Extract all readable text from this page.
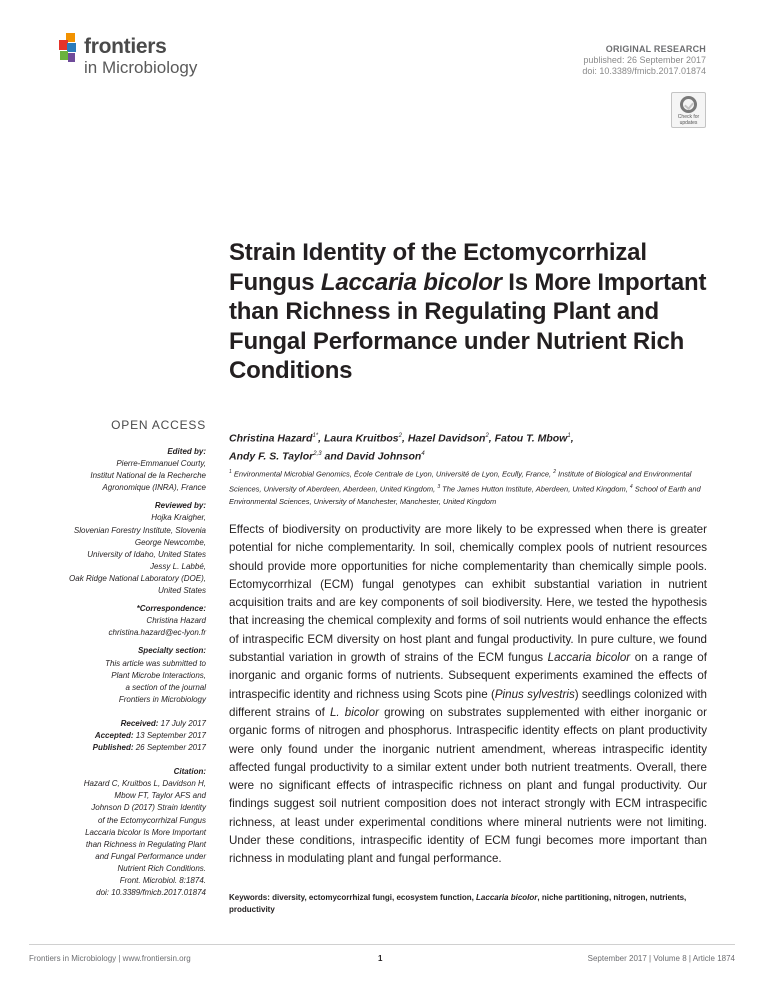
frontiers
in Microbiology
ORIGINAL RESEARCH
published: 26 September 2017
doi: 10.3389/fmicb.2017.01874
Check for
updates
Strain Identity of the Ectomycorrhizal Fungus Laccaria bicolor Is More Important than Richness in Regulating Plant and Fungal Performance under Nutrient Rich Conditions
Christina Hazard$^{1*}$, Laura Kruitbos$^2$, Hazel Davidson$^2$, Fatou T. Mbow$^1$,
Andy F. S. Taylor$^{2,3}$ and David Johnson$^4$
$^1$ Environmental Microbial Genomics, École Centrale de Lyon, Université de Lyon, Ecully, France, $^2$ Institute of Biological and Environmental Sciences, University of Aberdeen, Aberdeen, United Kingdom, $^3$ The James Hutton Institute, Aberdeen, United Kingdom, $^4$ School of Earth and Environmental Sciences, University of Manchester, Manchester, United Kingdom
Effects of biodiversity on productivity are more likely to be expressed when there is greater potential for niche complementarity. In soil, chemically complex pools of nutrient resources should provide more opportunities for niche complementarity than chemically simple pools. Ectomycorrhizal (ECM) fungal genotypes can exhibit substantial variation in nutrient acquisition traits and are key components of soil biodiversity. Here, we tested the hypothesis that increasing the chemical complexity and forms of soil nutrients would enhance the effects of intraspecific ECM diversity on host plant and fungal productivity. In pure culture, we found substantial variation in growth of strains of the ECM fungus Laccaria bicolor on a range of inorganic and organic forms of nutrients. Subsequent experiments examined the effects of intraspecific identity and richness using Scots pine (Pinus sylvestris) seedlings colonized with different strains of L. bicolor growing on substrates supplemented with either inorganic or organic forms of nitrogen and phosphorus. Intraspecific identity effects on plant productivity were only found under the inorganic nutrient amendment, whereas intraspecific identity affected fungal productivity to a similar extent under both nutrient treatments. Overall, there were no significant effects of intraspecific richness on plant and fungal productivity. Our findings suggest soil nutrient composition does not interact strongly with ECM intraspecific richness, at least under experimental conditions where mineral nutrients were not limiting. Under these conditions, intraspecific identity of ECM fungi becomes more important than richness in modulating plant and fungal performance.
Keywords: diversity, ectomycorrhizal fungi, ecosystem function, Laccaria bicolor, niche partitioning, nitrogen, nutrients, productivity
OPEN ACCESS
Edited by:
Pierre-Emmanuel Courty,
Institut National de la Recherche
Agronomique (INRA), France
Reviewed by:
Hojka Kraigher,
Slovenian Forestry Institute, Slovenia
George Newcombe,
University of Idaho, United States
Jessy L. Labbé,
Oak Ridge National Laboratory (DOE),
United States
*Correspondence:
Christina Hazard
christina.hazard@ec-lyon.fr
Specialty section:
This article was submitted to
Plant Microbe Interactions,
a section of the journal
Frontiers in Microbiology
Received: 17 July 2017
Accepted: 13 September 2017
Published: 26 September 2017
Citation:
Hazard C, Kruitbos L, Davidson H,
Mbow FT, Taylor AFS and
Johnson D (2017) Strain Identity
of the Ectomycorrhizal Fungus
Laccaria bicolor Is More Important
than Richness in Regulating Plant
and Fungal Performance under
Nutrient Rich Conditions.
Front. Microbiol. 8:1874.
doi: 10.3389/fmicb.2017.01874
Frontiers in Microbiology | www.frontiersin.org	1	September 2017 | Volume 8 | Article 1874
